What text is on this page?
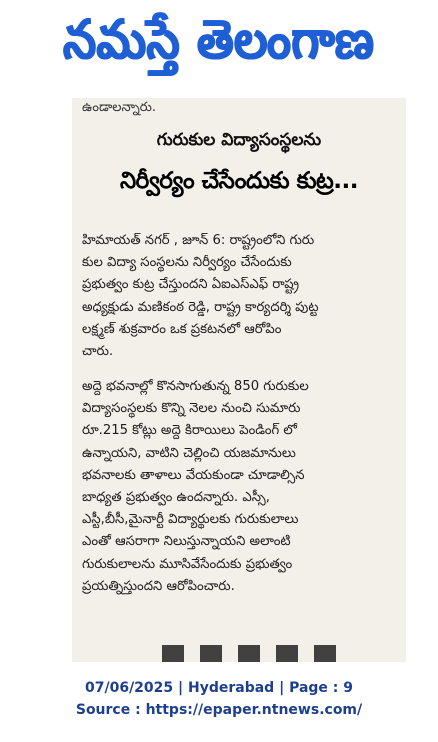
నమస్తే తెలంగాణ
ఉండాలన్నారు.
గురుకుల విద్యాసంస్థలను
నిర్వీర్యం చేసేందుకు కుట్ర...
హిమాయత్ నగర్ , జూన్ 6: రాష్ట్రంలోని గురు
కుల విద్యా సంస్థలను నిర్వీర్యం చేసేందుకు
ప్రభుత్వం కుట్ర చేస్తుందని ఏఐఎస్ఎఫ్ రాష్ట్ర
అధ్యక్షుడు మణికంఠ రెడ్డి, రాష్ట్ర కార్యదర్శి పుట్ట
లక్ష్మణ్ శుక్రవారం ఒక ప్రకటనలో ఆరోపిం
చారు.
అద్దె భవనాల్లో కొనసాగుతున్న 850 గురుకుల
విద్యాసంస్థలకు కొన్ని నెలల నుంచి సుమారు
రూ.215 కోట్లు అద్దె కిరాయిలు పెండింగ్ లో
ఉన్నాయని, వాటిని చెల్లించి యజమానులు
భవనాలకు తాళాలు వేయకుండా చూడాల్సిన
బాధ్యత ప్రభుత్వం ఉందన్నారు. ఎస్సీ,
ఎస్టీ,బీసీ,మైనార్టీ విద్యార్థులకు గురుకులాలు
ఎంతో ఆసరాగా నిలుస్తున్నాయని అలాంటి
గురుకులాలను మూసివేసేందుకు ప్రభుత్వం
ప్రయత్నిస్తుందని ఆరోపించారు.
07/06/2025 | Hyderabad | Page : 9
Source : https://epaper.ntnews.com/
